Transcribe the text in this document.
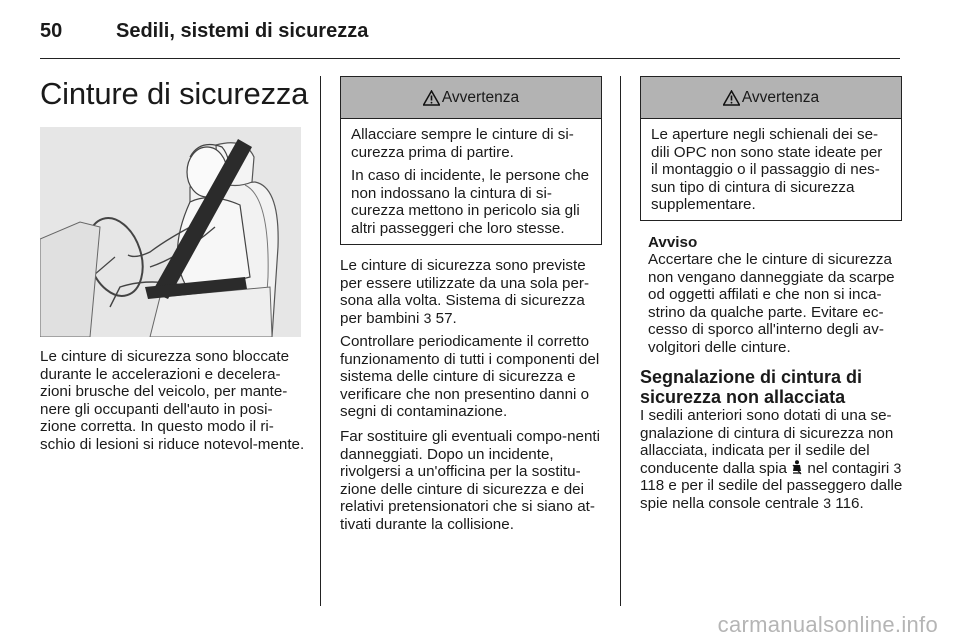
50	Sedili, sistemi di sicurezza
Cinture di sicurezza

Le cinture di sicurezza sono bloccate durante le accelerazioni e decelera-zioni brusche del veicolo, per mante-nere gli occupanti dell'auto in posi-zione corretta. In questo modo il ri-schio di lesioni si riduce notevol-mente.

Avvertenza

Allacciare sempre le cinture di si-curezza prima di partire.

In caso di incidente, le persone che non indossano la cintura di si-curezza mettono in pericolo sia gli altri passeggeri che loro stesse.

Le cinture di sicurezza sono previste per essere utilizzate da una sola per-sona alla volta. Sistema di sicurezza per bambini 3 57.

Controllare periodicamente il corretto funzionamento di tutti i componenti del sistema delle cinture di sicurezza e verificare che non presentino danni o segni di contaminazione.

Far sostituire gli eventuali compo-nenti danneggiati. Dopo un incidente, rivolgersi a un'officina per la sostitu-zione delle cinture di sicurezza e dei relativi pretensionatori che si siano at-tivati durante la collisione.

Avvertenza

Le aperture negli schienali dei se-dili OPC non sono state ideate per il montaggio o il passaggio di nes-sun tipo di cintura di sicurezza supplementare.

Avviso

Accertare che le cinture di sicurezza non vengano danneggiate da scarpe od oggetti affilati e che non si inca-strino da qualche parte. Evitare ec-cesso di sporco all'interno degli av-volgitori delle cinture.

Segnalazione di cintura di sicurezza non allacciata

I sedili anteriori sono dotati di una se-gnalazione di cintura di sicurezza non allacciata, indicata per il sedile del conducente dalla spia nel contagiri 3 118 e per il sedile del passeggero dalle spie nella console centrale 3 116.

carmanualsonline.info
